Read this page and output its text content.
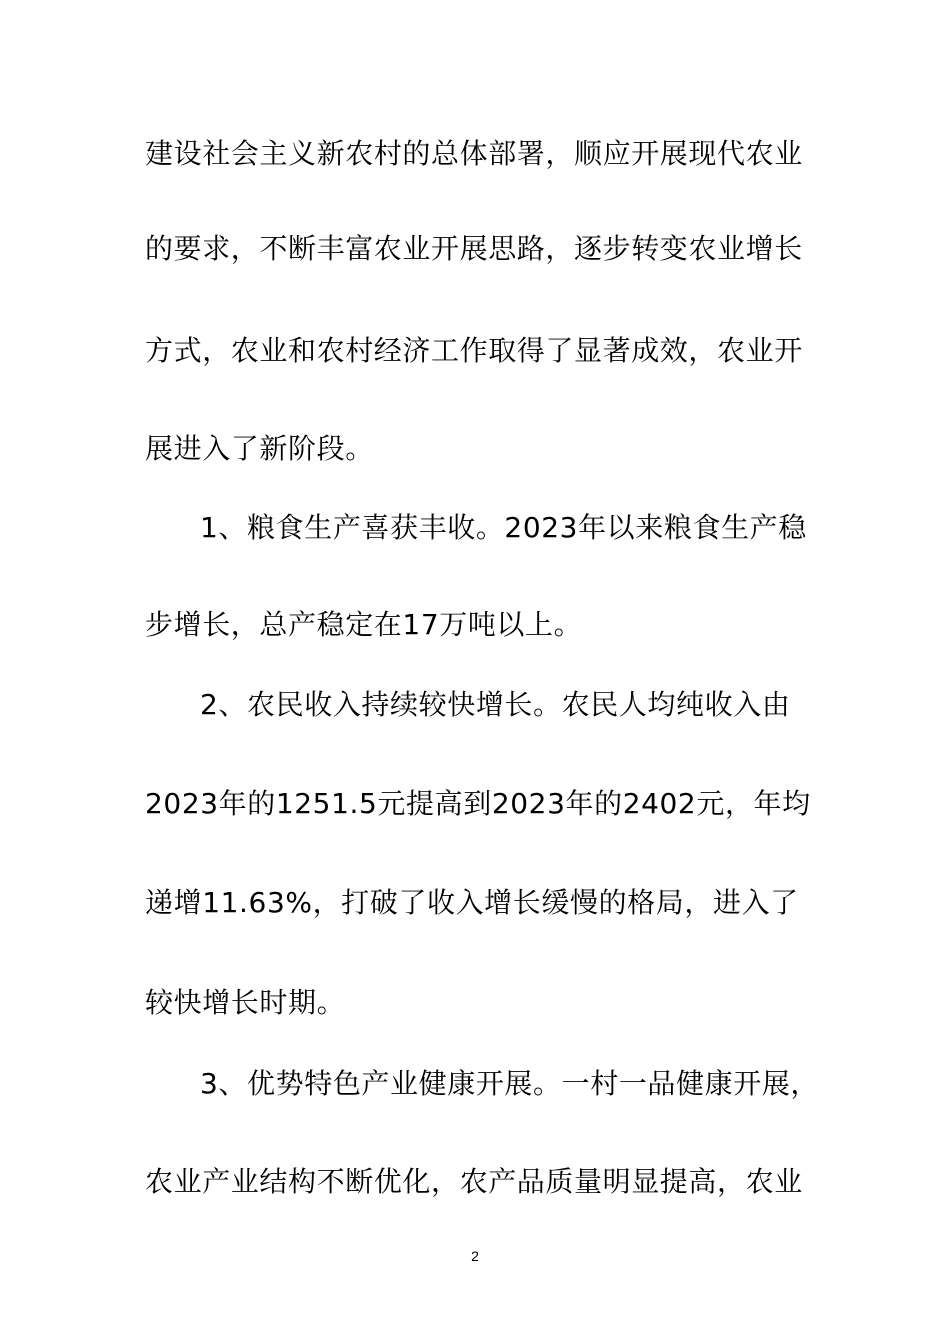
建设社会主义新农村的总体部署，顺应开展现代农业
的要求，不断丰富农业开展思路，逐步转变农业增长
方式，农业和农村经济工作取得了显著成效，农业开
展进入了新阶段。
1、粮食生产喜获丰收。2023年以来粮食生产稳
步增长，总产稳定在17万吨以上。
2、农民收入持续较快增长。农民人均纯收入由
2023年的1251.5元提高到2023年的2402元，年均
递增11.63%，打破了收入增长缓慢的格局，进入了
较快增长时期。
3、优势特色产业健康开展。一村一品健康开展，
农业产业结构不断优化，农产品质量明显提高，农业
2
